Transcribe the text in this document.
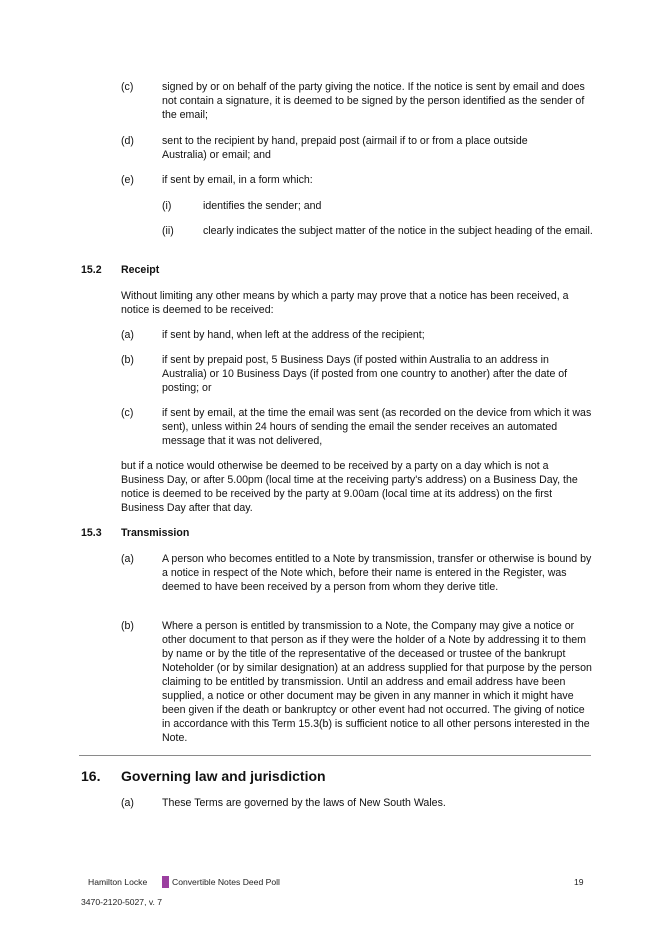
(c)	signed by or on behalf of the party giving the notice. If the notice is sent by email and does not contain a signature, it is deemed to be signed by the person identified as the sender of the email;
(d)	sent to the recipient by hand, prepaid post (airmail if to or from a place outside Australia) or email; and
(e)	if sent by email, in a form which:
(i)	identifies the sender; and
(ii)	clearly indicates the subject matter of the notice in the subject heading of the email.
15.2 Receipt
Without limiting any other means by which a party may prove that a notice has been received, a notice is deemed to be received:
(a)	if sent by hand, when left at the address of the recipient;
(b)	if sent by prepaid post, 5 Business Days (if posted within Australia to an address in Australia) or 10 Business Days (if posted from one country to another) after the date of posting; or
(c)	if sent by email, at the time the email was sent (as recorded on the device from which it was sent), unless within 24 hours of sending the email the sender receives an automated message that it was not delivered,
but if a notice would otherwise be deemed to be received by a party on a day which is not a Business Day, or after 5.00pm (local time at the receiving party's address) on a Business Day, the notice is deemed to be received by the party at 9.00am (local time at its address) on the first Business Day after that day.
15.3 Transmission
(a)	A person who becomes entitled to a Note by transmission, transfer or otherwise is bound by a notice in respect of the Note which, before their name is entered in the Register, was deemed to have been received by a person from whom they derive title.
(b)	Where a person is entitled by transmission to a Note, the Company may give a notice or other document to that person as if they were the holder of a Note by addressing it to them by name or by the title of the representative of the deceased or trustee of the bankrupt Noteholder (or by similar designation) at an address supplied for that purpose by the person claiming to be entitled by transmission. Until an address and email address have been supplied, a notice or other document may be given in any manner in which it might have been given if the death or bankruptcy or other event had not occurred. The giving of notice in accordance with this Term 15.3(b) is sufficient notice to all other persons interested in the Note.
16. Governing law and jurisdiction
(a)	These Terms are governed by the laws of New South Wales.
Hamilton Locke	Convertible Notes Deed Poll	19
3470-2120-5027, v. 7
